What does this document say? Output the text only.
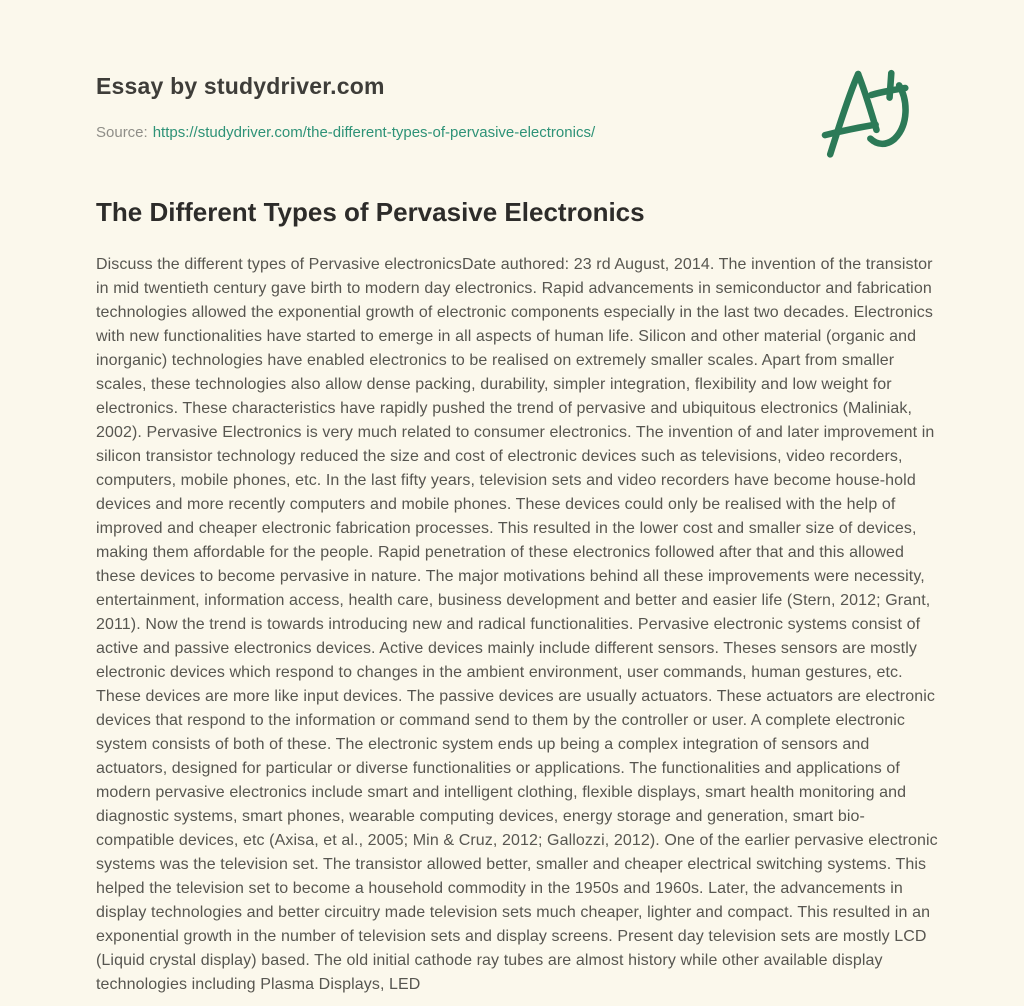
Essay by studydriver.com
Source: https://studydriver.com/the-different-types-of-pervasive-electronics/
The Different Types of Pervasive Electronics
Discuss the different types of Pervasive electronicsDate authored: 23 rd August, 2014. The invention of the transistor
in mid twentieth century gave birth to modern day electronics. Rapid advancements in semiconductor and fabrication
technologies allowed the exponential growth of electronic components especially in the last two decades. Electronics
with new functionalities have started to emerge in all aspects of human life. Silicon and other material (organic and
inorganic) technologies have enabled electronics to be realised on extremely smaller scales. Apart from smaller
scales, these technologies also allow dense packing, durability, simpler integration, flexibility and low weight for
electronics. These characteristics have rapidly pushed the trend of pervasive and ubiquitous electronics (Maliniak,
2002). Pervasive Electronics is very much related to consumer electronics. The invention of and later improvement in
silicon transistor technology reduced the size and cost of electronic devices such as televisions, video recorders,
computers, mobile phones, etc. In the last fifty years, television sets and video recorders have become house-hold
devices and more recently computers and mobile phones. These devices could only be realised with the help of
improved and cheaper electronic fabrication processes. This resulted in the lower cost and smaller size of devices,
making them affordable for the people. Rapid penetration of these electronics followed after that and this allowed
these devices to become pervasive in nature. The major motivations behind all these improvements were necessity,
entertainment, information access, health care, business development and better and easier life (Stern, 2012; Grant,
2011). Now the trend is towards introducing new and radical functionalities. Pervasive electronic systems consist of
active and passive electronics devices. Active devices mainly include different sensors. Theses sensors are mostly
electronic devices which respond to changes in the ambient environment, user commands, human gestures, etc.
These devices are more like input devices. The passive devices are usually actuators. These actuators are electronic
devices that respond to the information or command send to them by the controller or user. A complete electronic
system consists of both of these. The electronic system ends up being a complex integration of sensors and
actuators, designed for particular or diverse functionalities or applications. The functionalities and applications of
modern pervasive electronics include smart and intelligent clothing, flexible displays, smart health monitoring and
diagnostic systems, smart phones, wearable computing devices, energy storage and generation, smart bio-
compatible devices, etc (Axisa, et al., 2005; Min & Cruz, 2012; Gallozzi, 2012). One of the earlier pervasive electronic
systems was the television set. The transistor allowed better, smaller and cheaper electrical switching systems. This
helped the television set to become a household commodity in the 1950s and 1960s. Later, the advancements in
display technologies and better circuitry made television sets much cheaper, lighter and compact. This resulted in an
exponential growth in the number of television sets and display screens. Present day television sets are mostly LCD
(Liquid crystal display) based. The old initial cathode ray tubes are almost history while other available display
technologies including Plasma Displays, LED
